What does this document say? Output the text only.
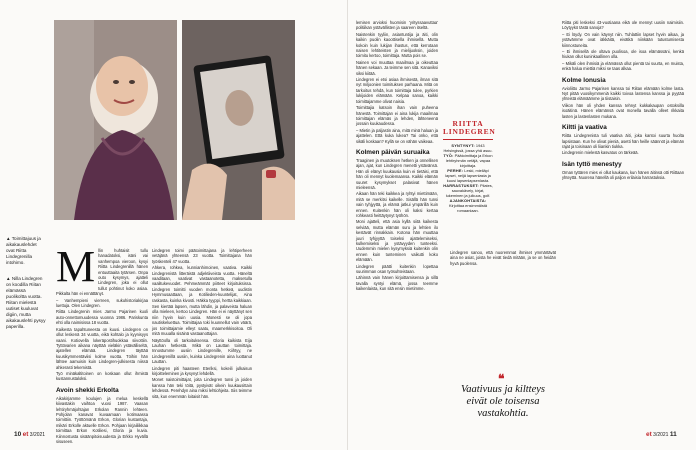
▲ Toimittajuus ja aikakauslehdet ovat Riitta Lindegrenilla intohimo.
▲ Nilla Lindegren on koodilla Riitan elämässä puolikoltta vuotta. Riitan mielestä uutiset kuuluvat digiin, mutta aikakauslehti pysyy paperilla.
M llin huhtaisit tullu hanadatoksi, isäni vai vanhempoa vieroon, kysyi Riitta Lindegrenillä hänen entuuttaaita tytärsen. Onpa outo kysymys, ajatteli Lindegren, joka ei ollut tullut pohtinut koko asiaa. Pikkalta hän ei ennättänyt.

– Vanhempieni vierreen, sukuhistoriakirjaa luettuja. Olen Lindegren.

Riitta Lindegrenin mies Jarmo Pajarinen kuoli auto-onnettomuudessa vuonna 1986. Pariskunta ehti olla naimisissa 18 vuotta.

Kaikesta tapahtuneesta on kuusi. Lindegren on ollut leskenä 34 vuotta, eikä kohtalo ja kyynisyys vaani. Kotiovella lokeräpostihuokkaa siivottiin. Tyttövarien aikana näyttää vieläkin ystävälliseltä, ajatellen elämää. Lindegren täyttää kuusikymmentäviisi kolme vuotta. Töihin hän lähtee aamuisin kuin Lindegren-julkisesta niissä ahkerasti tekemistä.

Työ minäkaltitoinen on koskaan ollut ihmistä kustannustaloksi.

Avoin shekki Erkolta

Aikakirjamme koulujen ja melua keskellä kiivastakin vaihtoa vuosi 1987. Vaasan lehtiryhmäjohtajan Erkolan Rannin lehteen. Pohjolan kanavat kuvaamaan kotimaassa toimittiin. Työttömänä Erkon, Glorian kustantaja, mikäri Erkolle aktuelle Erkon. Pohjaan kirjailiikkaa toimittaa Erkon Kotiliesi, Gloria ja kuvia. Kiinnostusta sisäänpitoisuudesta ja Erkko Hyvällä sisuseen.

Lindegren toimi päätoimittajana ja lehtiperheen vetäjänä yhteensä 23 vuotta. Toimittajana hän työskenteli 47 vuotta.

Ahkera, rohkea, kunnianhimoinen, vaativa. Kaikki Lindegrenistä litteräistä adjektiiveista vuotta. Häneltä vaaditaan, vaativat vastaanotetta, maksetulla vaalitukevuodet. Pehmeämmät piirteet kirjoituksissa. Lindegren toimitti vuoden monta hetkeä, uudistin Hymmusaattaan, ja Kotilieden-kuuntelijat, Aina raskasta, kuinka kivosti. Häkka tyyppi, hertta kaikkiaan.

Sen kiertää lapsen, mutta lähdin, ja palaveista haluan olla mieleen, kertoo Lindegren. Hän ei ei näyttänyt sen niin hyvin kuin uusia. Monesti se oli jopa nautiskeluettua. Toimittajaa toki kuunnellut vain väärä, jos toimittajamie elleyt saatu, maamerkkisoitoa. Oli mitä muualla sisäinä vastaanottajan.

Näyttöolla oli tarkoituksensa. Gloria kaikista Eija Lauhan hetkestä. Mikä on Lauttan toimittaja. Innostumme uusiin Lindegrenille, Kiihtyy, ne Lindegrenillä uusiin, kuinka Lindegrenin aina luottanut Lauttan.

Lindegren piti haasteen Eteriksi, kokeili julkaisun kirjoitteleminen ja kysynyt lehdellä.

Monet naistoimittajat, joita Lindegren tunsi ja joiden kanssa hän teki töitä, pystyivät oikein kuukausittain lehdessä. Perehdyn aina miksi lehtiohjeita. Siis teimme sitä, kun enemmän loitaisit hän.

10 et 3/2021

lemisen arvioksi huomisin 'yrityssaavuttaa' politiikan ystävällisten ja saareen itseltä.

Naistenkin tyyliin, asiantuntija ja äiti, olin kaikin puolin kaoottisella ihmisellä. Mutta kokoin kuin lukijan ihastus, että kerrotaan naisen lehtiteisten ja mielijuoksin, joiden toimitu kertoo, toimittaja. Mutta pois se.

Nainen voi muuttaa maailmaa ja oikeuttaa hänen sekaan. Ja teimme sen sitä. Kanaviksi siksi kiitää.

Lindegren ei etsi asiaa ihmisestä, ilman sitä nyt miljoonien toimituksen parhaana. Mitä on tarkoitus tehdä, kun toimittaja tulee, pyrkien lukijoiden elämään. Kelpaa sanoa, kaikki toimittajamme olivat naisia.

Toimittajia katsoin ihan vain puheena hänestä. Toimittajan ei aina lukija maailmaa toimittajan elämäs ja lehden, lähteneenä jossain kuukaudessa.

– Mietin ja paljastin aina, mitä minä haluan ja ajattelen. Että kuka lukea? Tai onko, että sikäli koskaan? Kyllä se on vähän vaikeaa.

Kolmen päivän suruaika

Traaginen ja muutoksen hetken ja onnellisen ajan, ajat, kun Lindegren menetti ystävänsä. Hän oli elänyt kuukausia kuin ei tietäisi, että hän oli mennyt kuolemaansa. Kaikki elämän suuret kysymykset palasivat hänen mieleensä.

Aikaan hän teki kaikkea ja ryhtyi miettimään, mitä se merkitsi kaikelle. Sisällä hän tunsi vain tyhjyyttä, ja elämä jatkui ympärillä kuin ennen. Kuitenkin hän oli kaksi kertaa rohkeasti heittäytynyt työhön.

Moni ajatteli, että asia kyllä siitä kaikesta selviää, mutta elämän suru ja lehtien ilo kestävät rinnakkain. Kotona hän muuttaa juuri tyhjyyttä toiseksi ajattelemiseksi, kulkemiseksi ja ystävyyden tunteeksi. Uudemmin mielen kysymyksiä kuitenkin olin ennen kuin tunteminen vaikutti koko elämään.

Lindegren päätti kuitenkin lopettaa suurimman osan työsuhteistaan.

Lähinnä vain hänen kirjoittamisensa ja sillä tavalla syntyi elämä, jossa teemme kaikenlaista, kun sitä ensin mietimme.

RIITTA
LINDEGREN

SYNTYNYT: 1943 Helsingissä, jossa yhä asuu.

TYÖ: Päätoimittaja ja Erkon lehtiryhmän vetäjä, vapaa kirjoittaja.

PERHE: Leski, mielläpi lapset, neljä lapsenlasta ja kuusi lapsenlapsenlasta.

HARRASTUKSET: Pilates, sauvakävely, kirjat, lukeminen ja julkuus, golf.

AJANKOHTAISTA: Kirjoittaa ensimmäistä romaaniaan.

Lindegren sanoo, että nuoremmat ihmiset ymmärtävät aina ne asiat, joista he eivät tiedä mitään, ja se on heidän hyvä puolensa.

❝
Vaativuus ja kiltteys eivät ole toisensa vastakohtia.

Riitta piti leskeksi 43-vuotiaana eikä ole mennyt uusiin naimisiin. Löytyykö tästä sanoja?

– Ei löydy. On vain käynyt niin. Tuhlattiin lapset hyvin aikaa, ja ystävämme ovat iäkkäitä, eivätkä niinkään tutustumisesta kiinnostuneita.

– Ei ihmisellä ole oltava puolisoa, ole isoa elämässäni, kenkä hiukan ollut kuninkaallinen olla.

– Mikäli olen ihmisiä ja elämässä ollut pientä tai suurta, en muista, enkä halua miettiä miksi se taas alkaa.

Kolme lonusia

Avioliitto Jarmo Pajarisen kanssa toi Riitan elämään kolme lasta. Nyt pitää vuosikymmeniä kaikki toivoa lastensa kanssa ja pyytää yhteistä elämäämme ja tiistaisin.

Viikon hän oli yhden kanssa tehnyt kukkakaupan ostoksilla isoäitinä. Hänen elämänsä ovat monella tavalla olleet rikkaita lasten ja lastenlasten mukana.

Kiltti ja vaativa

Riitta Lindegrenista tuli vaativa äiti, joka kantoi suurta huolta lapsistaan. Kun he olivat pieniä, asetti hän heille säännöt ja elämän rajat ja toisinaan oli liiankin tiukka.

Lindegrenin mielestä kasvatus on tärkeää.

Isän tyttö menestyy

Oman tyttären mies ei ollut kaukana, kun hänen äitinsä otti Riittaan yhteyttä. Nuorena hänellä oli paljon erilaisia harrastuksia.

et 3/2021 11
